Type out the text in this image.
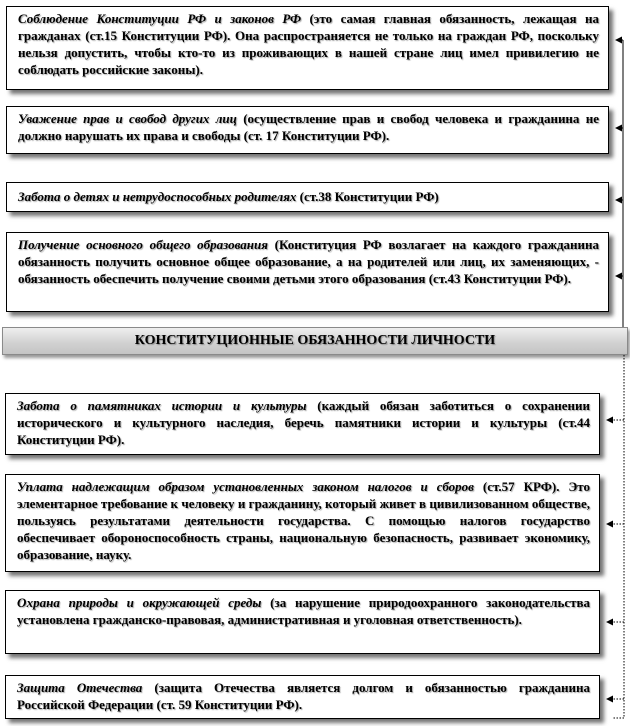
Соблюдение Конституции РФ и законов РФ (это самая главная обязанность, лежащая на гражданах (ст.15 Конституции РФ). Она распространяется не только на граждан РФ, поскольку нельзя допустить, чтобы кто-то из проживающих в нашей стране лиц имел привилегию не соблюдать российские законы).
Уважение прав и свобод других лиц (осуществление прав и свобод человека и гражданина не должно нарушать их права и свободы (ст. 17 Конституции РФ).
Забота о детях и нетрудоспособных родителях (ст.38 Конституции РФ)
Получение основного общего образования (Конституция РФ возлагает на каждого гражданина обязанность получить основное общее образование, а на родителей или лиц, их заменяющих, - обязанность обеспечить получение своими детьми этого образования (ст.43 Конституции РФ).
КОНСТИТУЦИОННЫЕ ОБЯЗАННОСТИ ЛИЧНОСТИ
Забота о памятниках истории и культуры (каждый обязан заботиться о сохранении исторического и культурного наследия, беречь памятники истории и культуры (ст.44 Конституции РФ).
Уплата надлежащим образом установленных законом налогов и сборов (ст.57 КРФ). Это элементарное требование к человеку и гражданину, который живет в цивилизованном обществе, пользуясь результатами деятельности государства. С помощью налогов государство обеспечивает обороноспособность страны, национальную безопасность, развивает экономику, образование, науку.
Охрана природы и окружающей среды (за нарушение природоохранного законодательства установлена гражданско-правовая, административная и уголовная ответственность).
Защита Отечества (защита Отечества является долгом и обязанностью гражданина Российской Федерации (ст. 59 Конституции РФ).
